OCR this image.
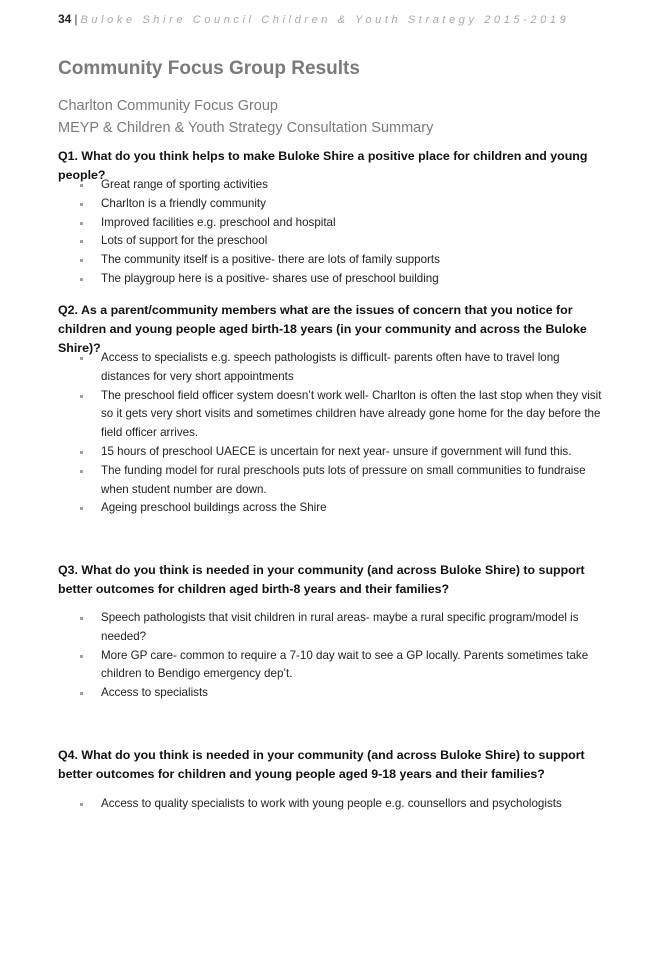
34 | Buloke Shire Council Children & Youth Strategy 2015-2019
Community Focus Group Results
Charlton Community Focus Group
MEYP & Children & Youth Strategy Consultation Summary
Q1. What do you think helps to make Buloke Shire a positive place for children and young people?
Great range of sporting activities
Charlton is a friendly community
Improved facilities e.g. preschool and hospital
Lots of support for the preschool
The community itself is a positive- there are lots of family supports
The playgroup here is a positive- shares use of preschool building
Q2. As a parent/community members what are the issues of concern that you notice for children and young people aged birth-18 years (in your community and across the Buloke Shire)?
Access to specialists e.g. speech pathologists is difficult- parents often have to travel long distances for very short appointments
The preschool field officer system doesn’t work well- Charlton is often the last stop when they visit so it gets very short visits and sometimes children have already gone home for the day before the field officer arrives.
15 hours of preschool UAECE is uncertain for next year- unsure if government will fund this.
The funding model for rural preschools puts lots of pressure on small communities to fundraise when student number are down.
Ageing preschool buildings across the Shire
Q3. What do you think is needed in your community (and across Buloke Shire) to support better outcomes for children aged birth-8 years and their families?
Speech pathologists that visit children in rural areas- maybe a rural specific program/model is needed?
More GP care- common to require a 7-10 day wait to see a GP locally. Parents sometimes take children to Bendigo emergency dep’t.
Access to specialists
Q4. What do you think is needed in your community (and across Buloke Shire) to support better outcomes for children and young people aged 9-18 years and their families?
Access to quality specialists to work with young people e.g. counsellors and psychologists
